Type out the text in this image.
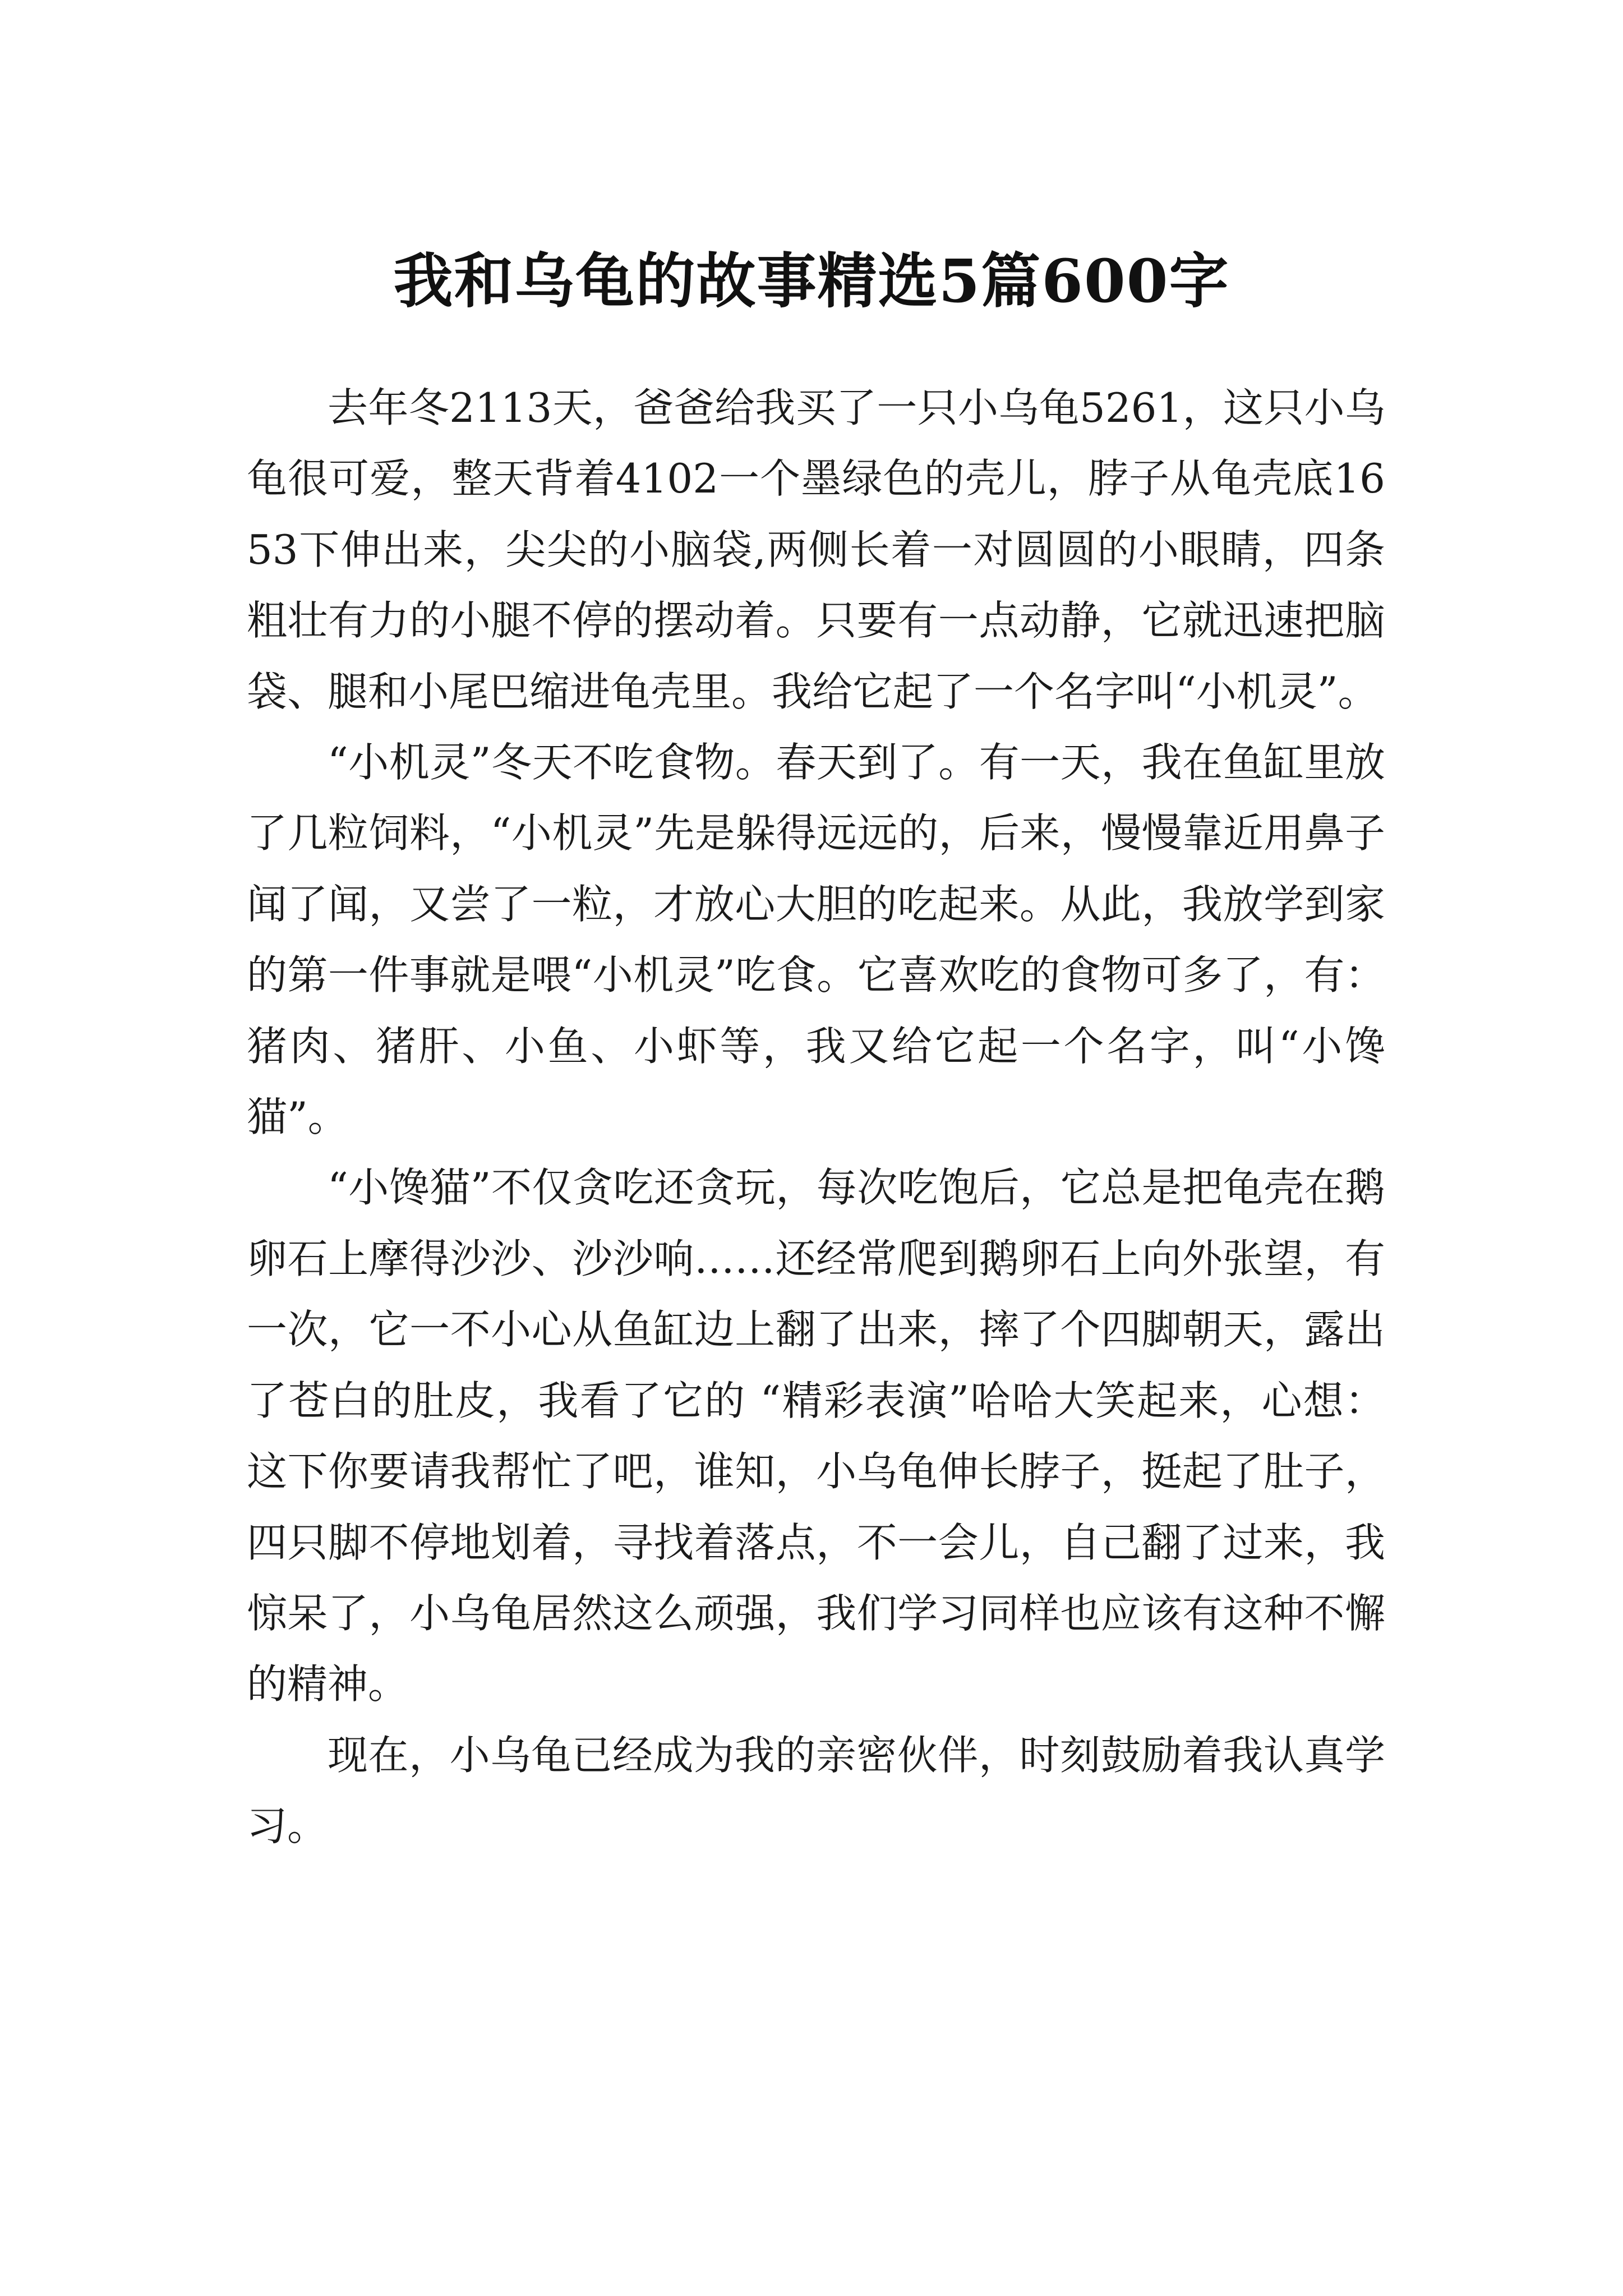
我和乌龟的故事精选5篇600字

去年冬2113天，爸爸给我买了一只小乌龟5261，这只小乌龟很可爱，整天背着4102一个墨绿色的壳儿，脖子从龟壳底1653下伸出来，尖尖的小脑袋,两侧长着一对圆圆的小眼睛，四条粗壮有力的小腿不停的摆动着。只要有一点动静，它就迅速把脑袋、腿和小尾巴缩进龟壳里。我给它起了一个名字叫“小机灵”。

“小机灵”冬天不吃食物。春天到了。有一天，我在鱼缸里放了几粒饲料，“小机灵”先是躲得远远的，后来，慢慢靠近用鼻子闻了闻，又尝了一粒，才放心大胆的吃起来。从此，我放学到家的第一件事就是喂“小机灵”吃食。它喜欢吃的食物可多了，有：猪肉、猪肝、小鱼、小虾等，我又给它起一个名字，叫“小馋猫”。

“小馋猫”不仅贪吃还贪玩，每次吃饱后，它总是把龟壳在鹅卵石上摩得沙沙、沙沙响……还经常爬到鹅卵石上向外张望，有一次，它一不小心从鱼缸边上翻了出来，摔了个四脚朝天，露出了苍白的肚皮，我看了它的 “精彩表演”哈哈大笑起来，心想：这下你要请我帮忙了吧，谁知，小乌龟伸长脖子，挺起了肚子，四只脚不停地划着，寻找着落点，不一会儿，自己翻了过来，我惊呆了，小乌龟居然这么顽强，我们学习同样也应该有这种不懈的精神。

现在，小乌龟已经成为我的亲密伙伴，时刻鼓励着我认真学习。
